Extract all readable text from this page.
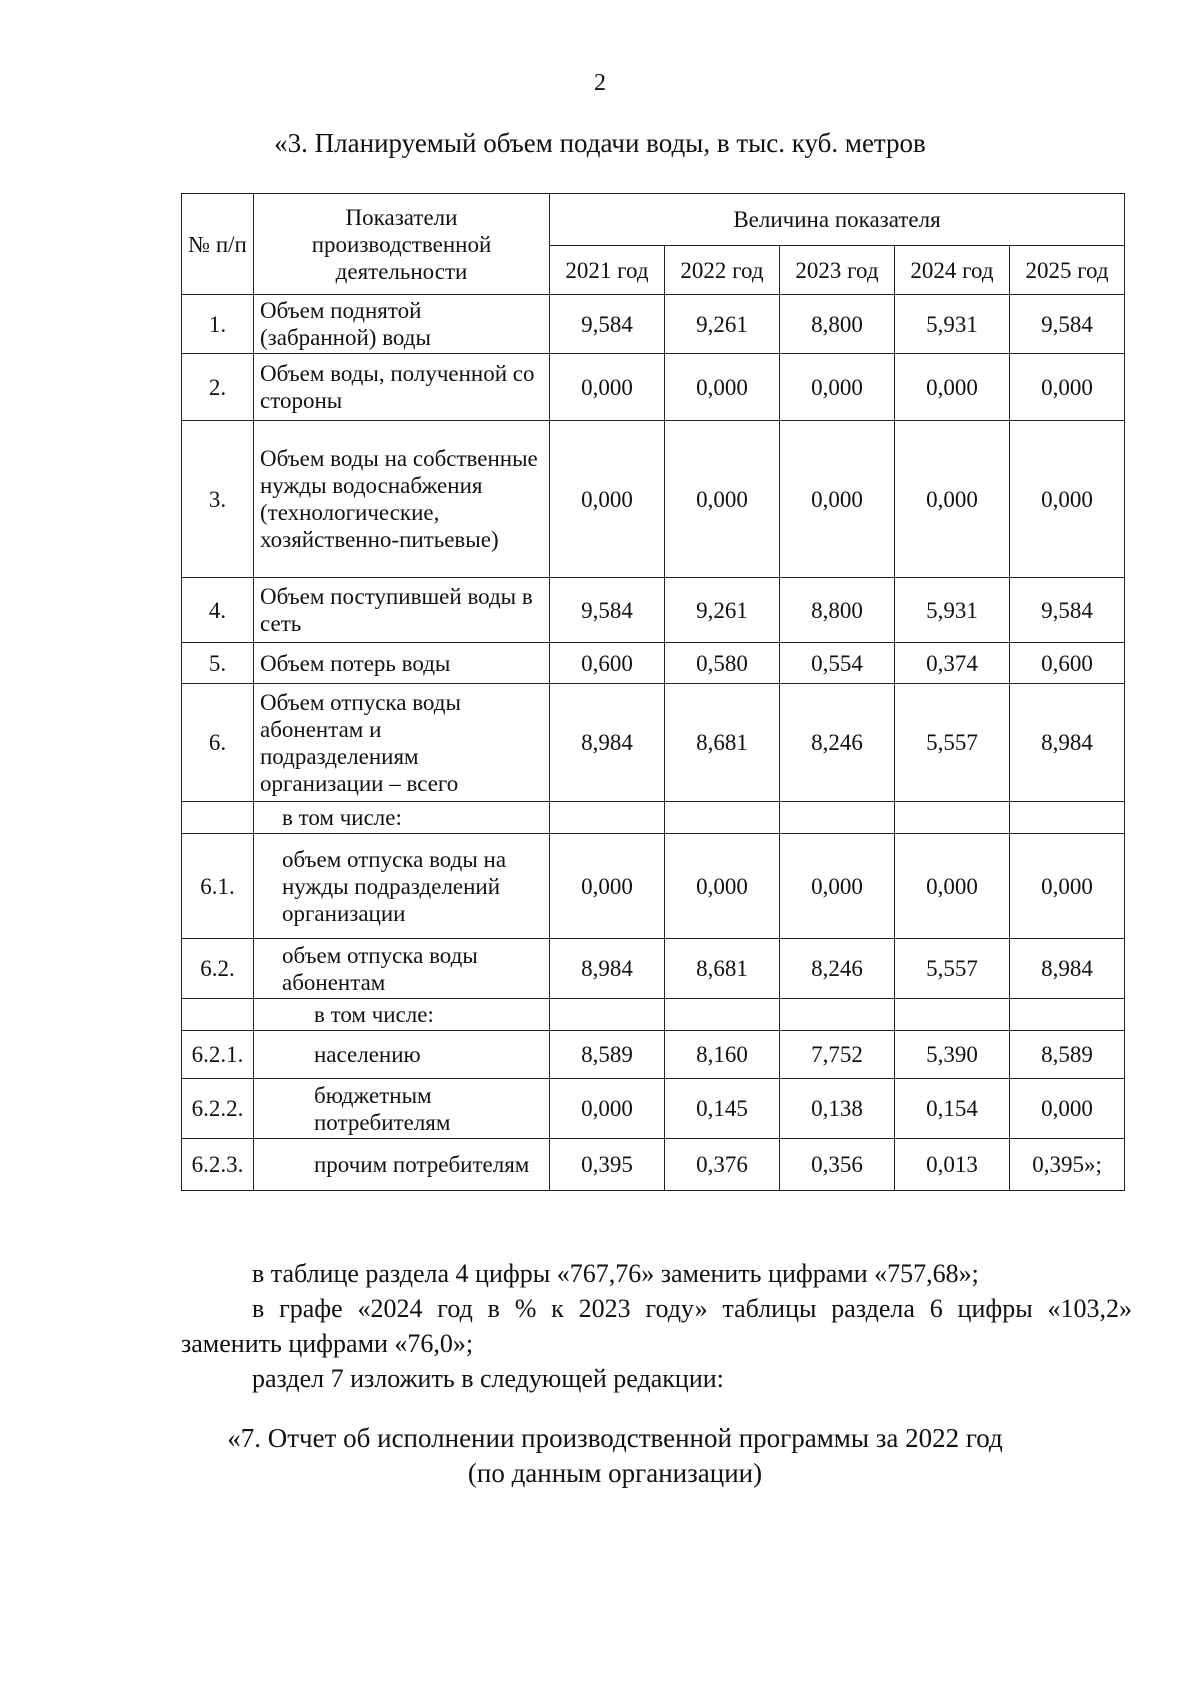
2
«3. Планируемый объем подачи воды, в тыс. куб. метров
№ п/п	Показатели производственной деятельности	Величина показателя				
		2021 год	2022 год	2023 год	2024 год	2025 год
1.	Объем поднятой (забранной) воды	9,584	9,261	8,800	5,931	9,584
2.	Объем воды, полученной со стороны	0,000	0,000	0,000	0,000	0,000
3.	Объем воды на собственные нужды водоснабжения (технологические, хозяйственно-питьевые)	0,000	0,000	0,000	0,000	0,000
4.	Объем поступившей воды в сеть	9,584	9,261	8,800	5,931	9,584
5.	Объем потерь воды	0,600	0,580	0,554	0,374	0,600
6.	Объем отпуска воды абонентам и подразделениям организации – всего	8,984	8,681	8,246	5,557	8,984
	в том числе:					
6.1.	объем отпуска воды на нужды подразделений организации	0,000	0,000	0,000	0,000	0,000
6.2.	объем отпуска воды абонентам	8,984	8,681	8,246	5,557	8,984
	в том числе:					
6.2.1.	населению	8,589	8,160	7,752	5,390	8,589
6.2.2.	бюджетным потребителям	0,000	0,145	0,138	0,154	0,000
6.2.3.	прочим потребителям	0,395	0,376	0,356	0,013	0,395»;
в таблице раздела 4 цифры «767,76» заменить цифрами «757,68»;
в графе «2024 год в % к 2023 году» таблицы раздела 6 цифры «103,2»
заменить цифрами «76,0»;
раздел 7 изложить в следующей редакции:
«7. Отчет об исполнении производственной программы за 2022 год
(по данным организации)
